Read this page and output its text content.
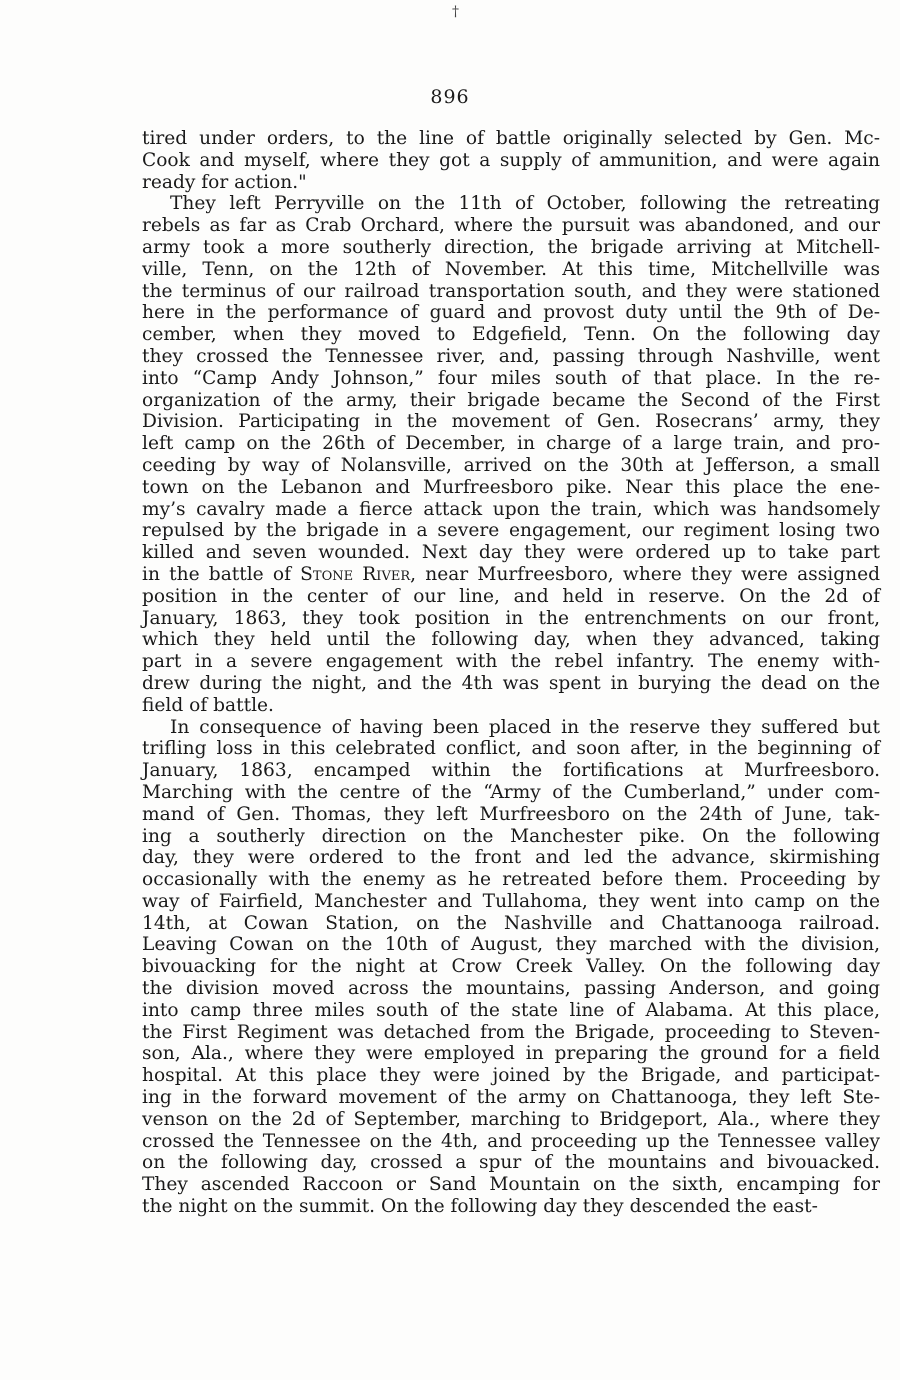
†
896

tired under orders, to the line of battle originally selected by Gen. Mc-
Cook and myself, where they got a supply of ammunition, and were again
ready for action."

They left Perryville on the 11th of October, following the retreating
rebels as far as Crab Orchard, where the pursuit was abandoned, and our
army took a more southerly direction, the brigade arriving at Mitchell-
ville, Tenn, on the 12th of November. At this time, Mitchellville was
the terminus of our railroad transportation south, and they were stationed
here in the performance of guard and provost duty until the 9th of De-
cember, when they moved to Edgefield, Tenn. On the following day
they crossed the Tennessee river, and, passing through Nashville, went
into “Camp Andy Johnson,” four miles south of that place. In the re-
organization of the army, their brigade became the Second of the First
Division. Participating in the movement of Gen. Rosecrans’ army, they
left camp on the 26th of December, in charge of a large train, and pro-
ceeding by way of Nolansville, arrived on the 30th at Jefferson, a small
town on the Lebanon and Murfreesboro pike. Near this place the ene-
my’s cavalry made a fierce attack upon the train, which was handsomely
repulsed by the brigade in a severe engagement, our regiment losing two
killed and seven wounded. Next day they were ordered up to take part
in the battle of Stone River, near Murfreesboro, where they were assigned
position in the center of our line, and held in reserve. On the 2d of
January, 1863, they took position in the entrenchments on our front,
which they held until the following day, when they advanced, taking
part in a severe engagement with the rebel infantry. The enemy with-
drew during the night, and the 4th was spent in burying the dead on the
field of battle.

In consequence of having been placed in the reserve they suffered but
trifling loss in this celebrated conflict, and soon after, in the beginning of
January, 1863, encamped within the fortifications at Murfreesboro.
Marching with the centre of the “Army of the Cumberland,” under com-
mand of Gen. Thomas, they left Murfreesboro on the 24th of June, tak-
ing a southerly direction on the Manchester pike. On the following
day, they were ordered to the front and led the advance, skirmishing
occasionally with the enemy as he retreated before them. Proceeding by
way of Fairfield, Manchester and Tullahoma, they went into camp on the
14th, at Cowan Station, on the Nashville and Chattanooga railroad.
Leaving Cowan on the 10th of August, they marched with the division,
bivouacking for the night at Crow Creek Valley. On the following day
the division moved across the mountains, passing Anderson, and going
into camp three miles south of the state line of Alabama. At this place,
the First Regiment was detached from the Brigade, proceeding to Steven-
son, Ala., where they were employed in preparing the ground for a field
hospital. At this place they were joined by the Brigade, and participat-
ing in the forward movement of the army on Chattanooga, they left Ste-
venson on the 2d of September, marching to Bridgeport, Ala., where they
crossed the Tennessee on the 4th, and proceeding up the Tennessee valley
on the following day, crossed a spur of the mountains and bivouacked.
They ascended Raccoon or Sand Mountain on the sixth, encamping for
the night on the summit. On the following day they descended the east-
